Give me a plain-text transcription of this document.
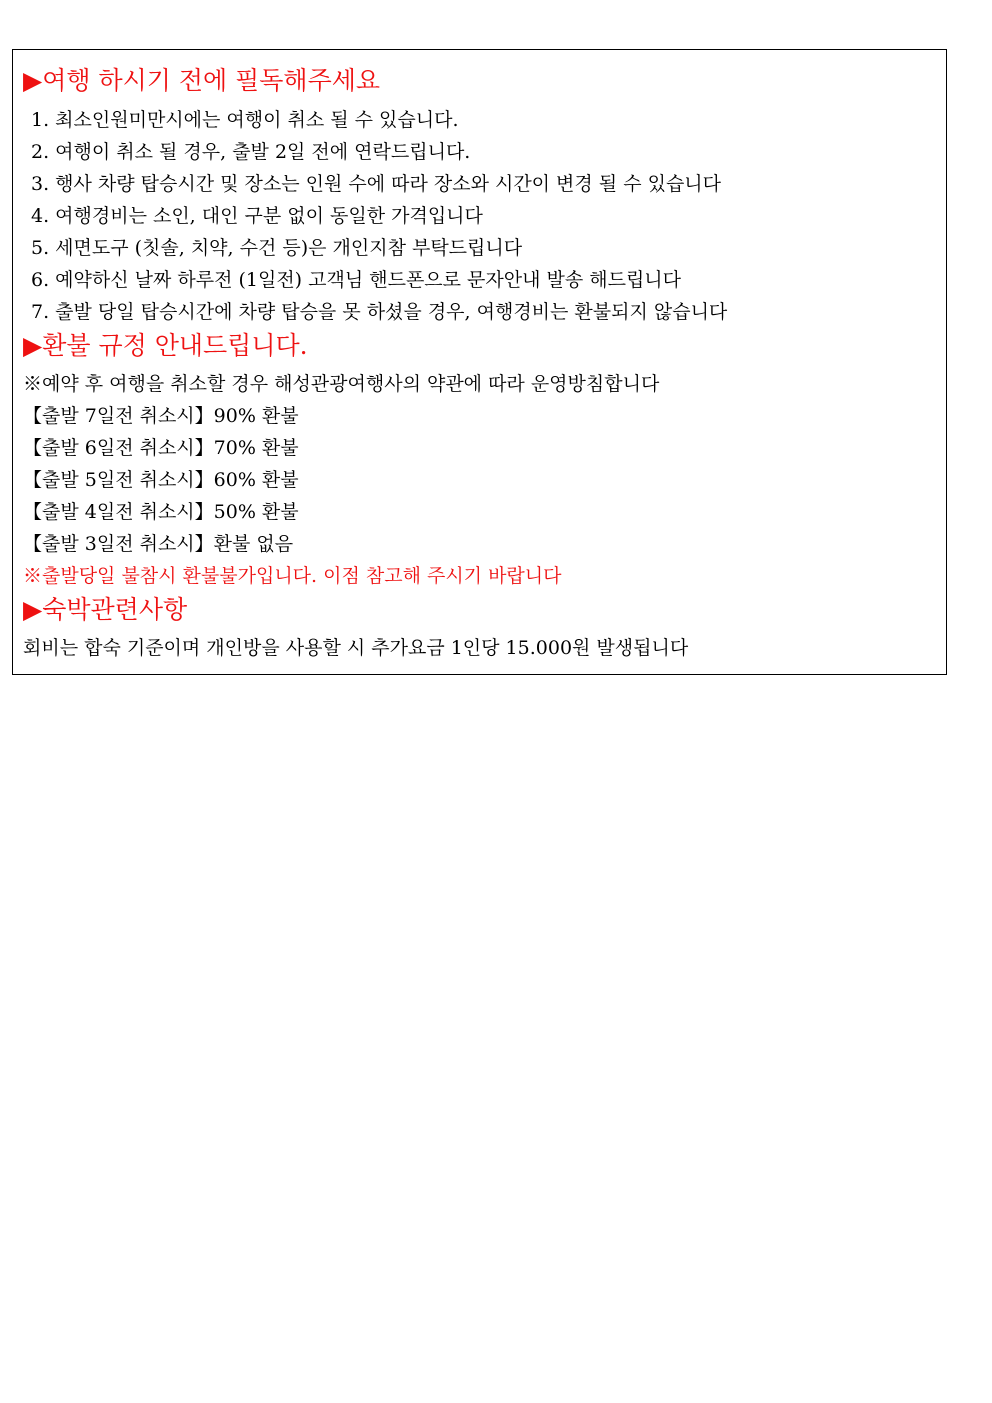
▶여행 하시기 전에 필독해주세요
1. 최소인원미만시에는 여행이 취소 될 수 있습니다.
2. 여행이 취소 될 경우, 출발 2일 전에 연락드립니다.
3. 행사 차량 탑승시간 및 장소는 인원 수에 따라 장소와 시간이 변경 될 수 있습니다
4. 여행경비는 소인, 대인 구분 없이 동일한 가격입니다
5. 세면도구 (칫솔, 치약, 수건 등)은 개인지참 부탁드립니다
6. 예약하신 날짜 하루전 (1일전) 고객님 핸드폰으로 문자안내 발송 해드립니다
7. 출발 당일 탑승시간에 차량 탑승을 못 하셨을 경우, 여행경비는 환불되지 않습니다
▶환불 규정 안내드립니다.
※예약 후 여행을 취소할 경우 해성관광여행사의 약관에 따라 운영방침합니다
【출발 7일전 취소시】90% 환불
【출발 6일전 취소시】70% 환불
【출발 5일전 취소시】60% 환불
【출발 4일전 취소시】50% 환불
【출발 3일전 취소시】환불 없음
※출발당일 불참시 환불불가입니다. 이점 참고해 주시기 바랍니다
▶숙박관련사항
회비는 합숙 기준이며 개인방을 사용할 시 추가요금 1인당 15.000원 발생됩니다
